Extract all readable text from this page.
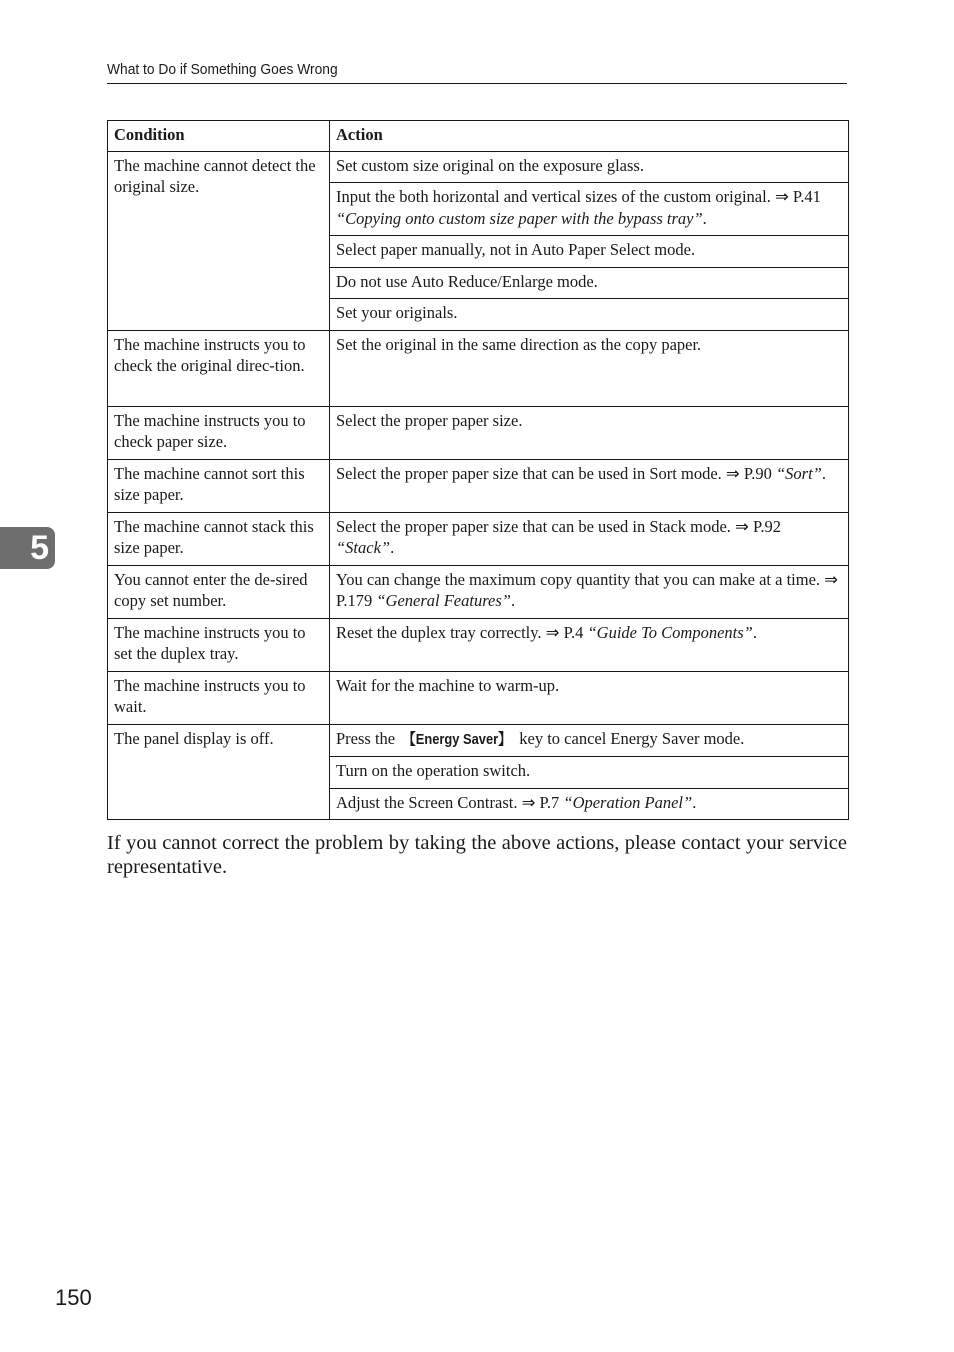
What to Do if Something Goes Wrong
Condition	Action
The machine cannot detect the original size.	Set custom size original on the exposure glass.
	Input the both horizontal and vertical sizes of the custom original. ⇒ P.41 “Copying onto custom size paper with the bypass tray”.
	Select paper manually, not in Auto Paper Select mode.
	Do not use Auto Reduce/Enlarge mode.
	Set your originals.
The machine instructs you to check the original direc-tion.	Set the original in the same direction as the copy paper.
The machine instructs you to check paper size.	Select the proper paper size.
The machine cannot sort this size paper.	Select the proper paper size that can be used in Sort mode. ⇒ P.90 “Sort”.
The machine cannot stack this size paper.	Select the proper paper size that can be used in Stack mode. ⇒ P.92 “Stack”.
You cannot enter the de-sired copy set number.	You can change the maximum copy quantity that you can make at a time. ⇒ P.179 “General Features”.
The machine instructs you to set the duplex tray.	Reset the duplex tray correctly. ⇒ P.4 “Guide To Components”.
The machine instructs you to wait.	Wait for the machine to warm-up.
The panel display is off.	Press the 【Energy Saver】 key to cancel Energy Saver mode.
	Turn on the operation switch.
	Adjust the Screen Contrast. ⇒ P.7 “Operation Panel”.
If you cannot correct the problem by taking the above actions, please contact your service representative.
5
150
